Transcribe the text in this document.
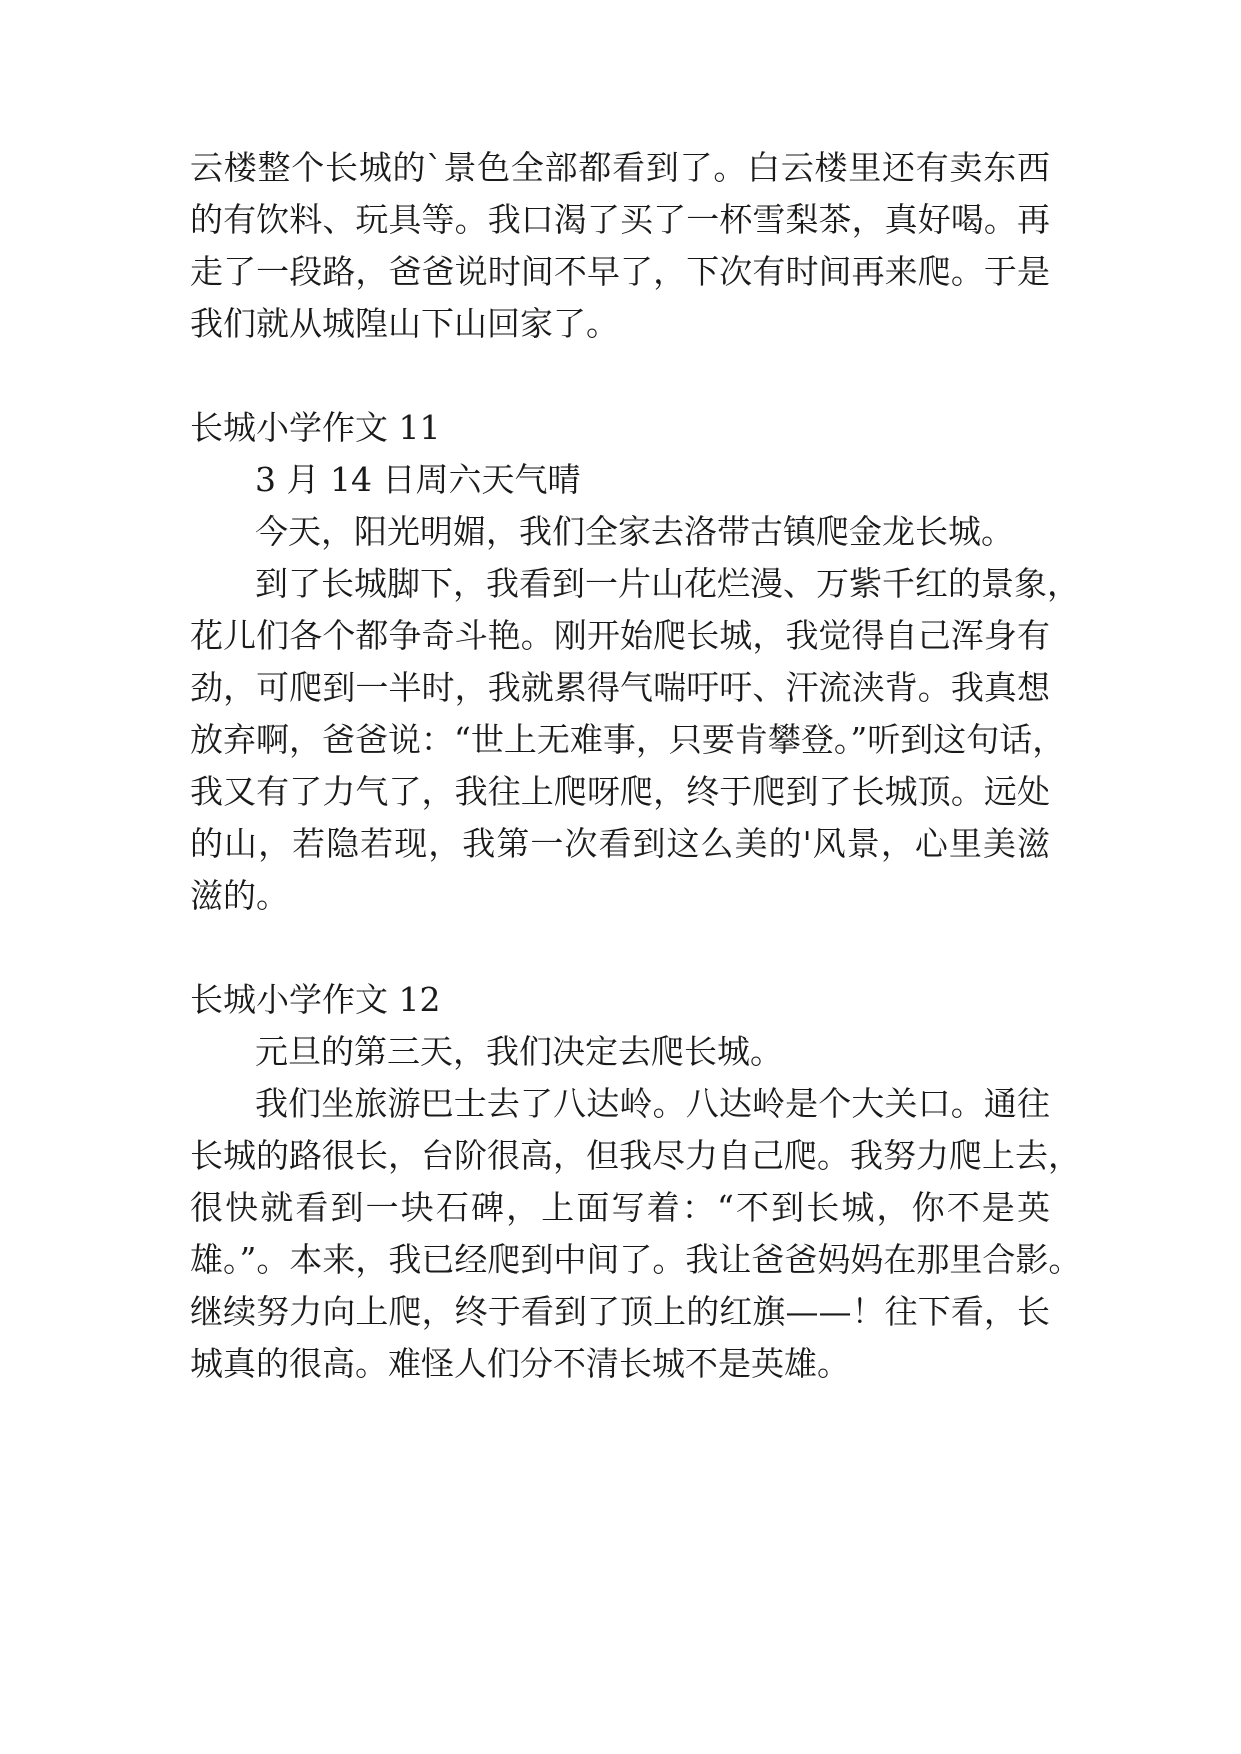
云楼整个长城的`景色全部都看到了。白云楼里还有卖东西
的有饮料、玩具等。我口渴了买了一杯雪梨茶，真好喝。再
走了一段路，爸爸说时间不早了，下次有时间再来爬。于是
我们就从城隍山下山回家了。
长城小学作文 11
3 月 14 日周六天气晴
今天，阳光明媚，我们全家去洛带古镇爬金龙长城。
到了长城脚下，我看到一片山花烂漫、万紫千红的景象，
花儿们各个都争奇斗艳。刚开始爬长城，我觉得自己浑身有
劲，可爬到一半时，我就累得气喘吁吁、汗流浃背。我真想
放弃啊，爸爸说：“世上无难事，只要肯攀登。”听到这句话，
我又有了力气了，我往上爬呀爬，终于爬到了长城顶。远处
的山，若隐若现，我第一次看到这么美的'风景，心里美滋
滋的。
长城小学作文 12
元旦的第三天，我们决定去爬长城。
我们坐旅游巴士去了八达岭。八达岭是个大关口。通往
长城的路很长，台阶很高，但我尽力自己爬。我努力爬上去，
很快就看到一块石碑，上面写着：“不到长城，你不是英
雄。”。本来，我已经爬到中间了。我让爸爸妈妈在那里合影。
继续努力向上爬，终于看到了顶上的红旗——！往下看，长
城真的很高。难怪人们分不清长城不是英雄。
